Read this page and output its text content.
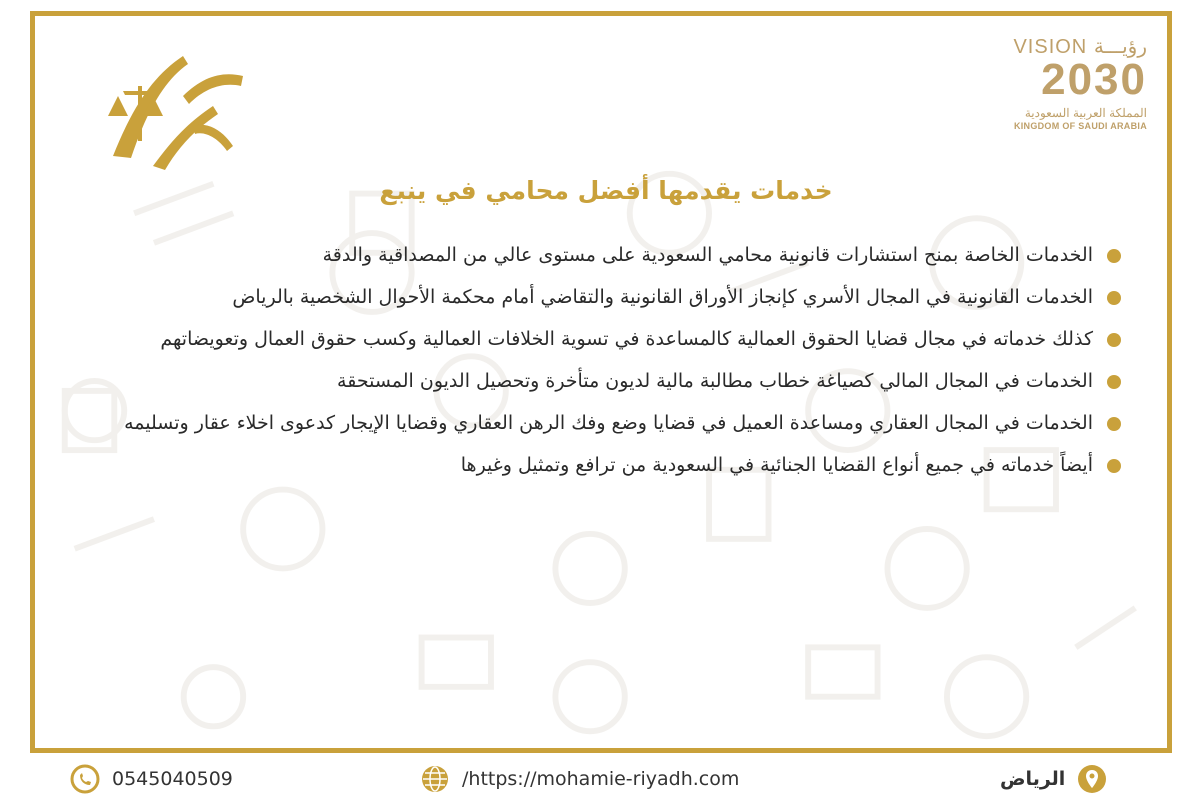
VISION رؤيـــة
2030
المملكة العربية السعودية
KINGDOM OF SAUDI ARABIA
خدمات يقدمها أفضل محامي في ينبع
الخدمات الخاصة بمنح استشارات قانونية محامي السعودية على مستوى عالي من المصداقية والدقة
الخدمات القانونية في المجال الأسري كإنجاز الأوراق القانونية والتقاضي أمام محكمة الأحوال الشخصية بالرياض
كذلك خدماته في مجال قضايا الحقوق العمالية كالمساعدة في تسوية الخلافات العمالية وكسب حقوق العمال وتعويضاتهم
الخدمات في المجال المالي كصياغة خطاب مطالبة مالية لديون متأخرة وتحصيل الديون المستحقة
الخدمات في المجال العقاري ومساعدة العميل في قضايا وضع وفك الرهن العقاري وقضايا الإيجار كدعوى اخلاء عقار وتسليمه
أيضاً خدماته في جميع أنواع القضايا الجنائية في السعودية من ترافع وتمثيل وغيرها
0545040509	/https://mohamie-riyadh.com	الرياض
